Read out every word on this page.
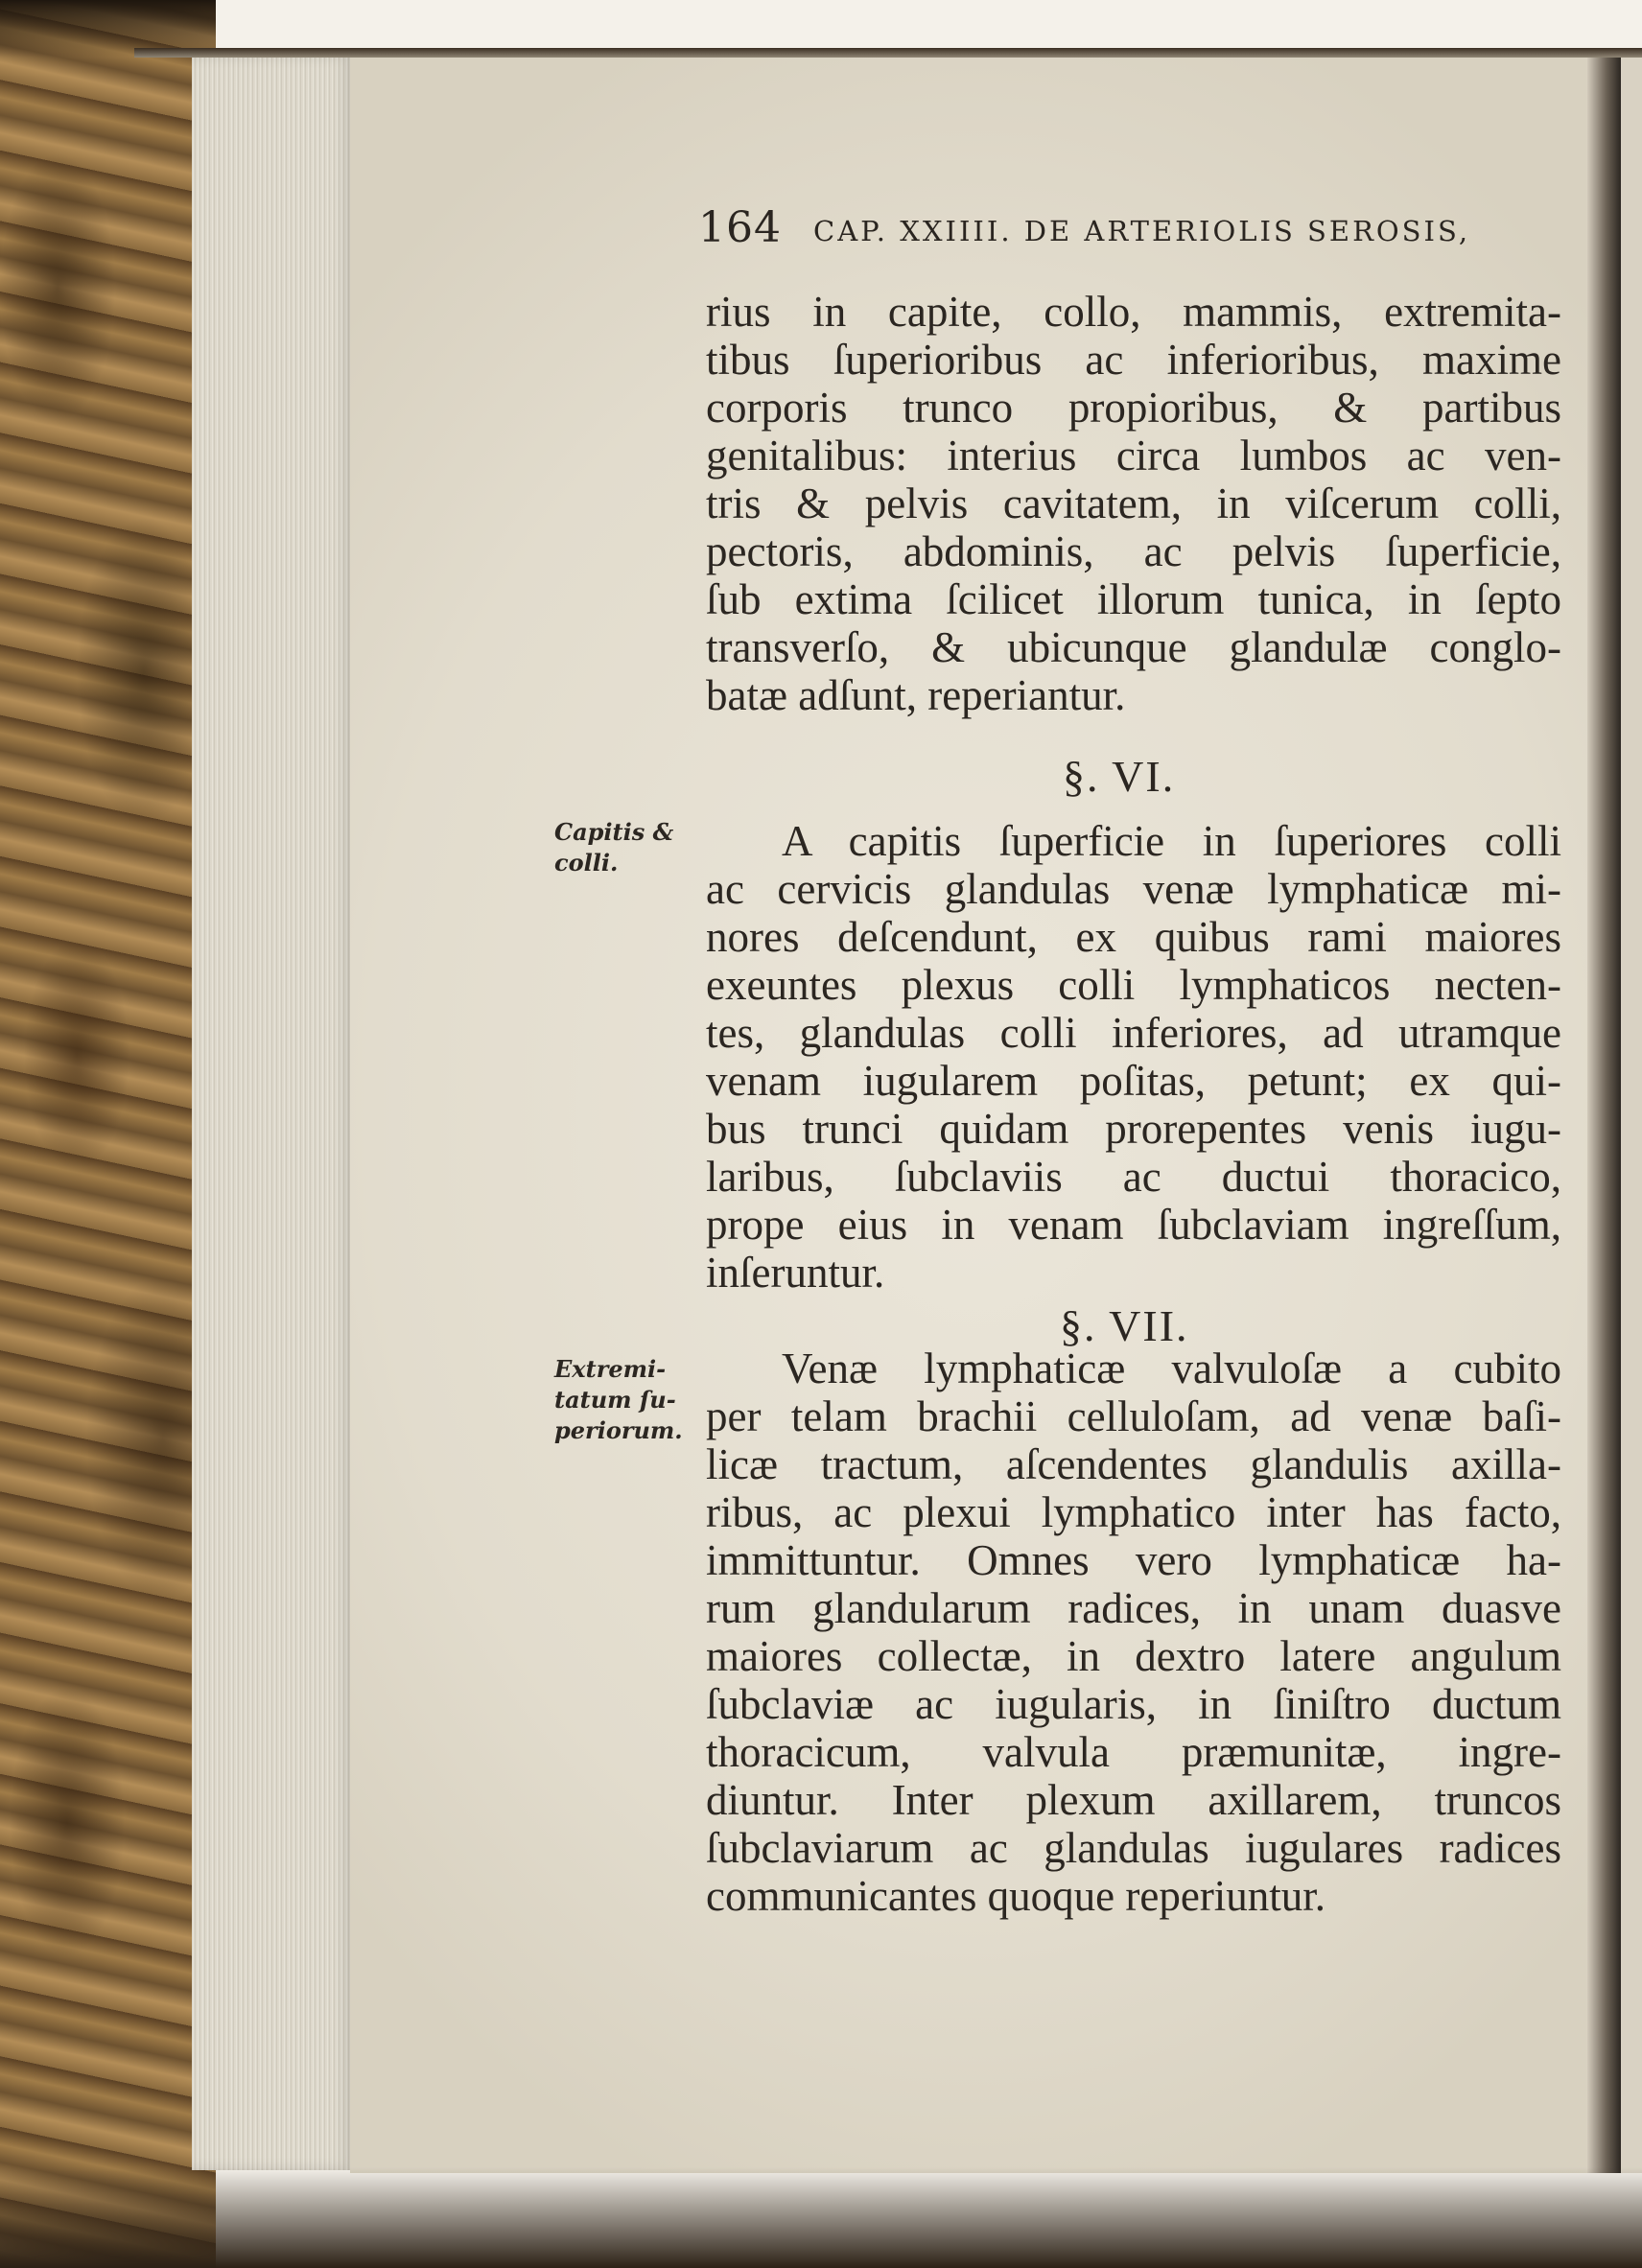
164 CAP. XXIIII. DE ARTERIOLIS SEROSIS,
rius in capite, collo, mammis, extremita-
tibus ſuperioribus ac inferioribus, maxime
corporis trunco propioribus, & partibus
genitalibus: interius circa lumbos ac ven-
tris & pelvis cavitatem, in viſcerum colli,
pectoris, abdominis, ac pelvis ſuperficie,
ſub extima ſcilicet illorum tunica, in ſepto
transverſo, & ubicunque glandulæ conglo-
batæ adſunt, reperiantur.
§. VI.
Capitis &
colli.	A capitis ſuperficie in ſuperiores colli
ac cervicis glandulas venæ lymphaticæ mi-
nores deſcendunt, ex quibus rami maiores
exeuntes plexus colli lymphaticos necten-
tes, glandulas colli inferiores, ad utramque
venam iugularem poſitas, petunt; ex qui-
bus trunci quidam prorepentes venis iugu-
laribus, ſubclaviis ac ductui thoracico,
prope eius in venam ſubclaviam ingreſſum,
inſeruntur.
§. VII.
Extremi-
tatum ſu-
periorum.
Venæ lymphaticæ valvuloſæ a cubito
per telam brachii celluloſam, ad venæ baſi-
licæ tractum, aſcendentes glandulis axilla-
ribus, ac plexui lymphatico inter has facto,
immittuntur. Omnes vero lymphaticæ ha-
rum glandularum radices, in unam duasve
maiores collectæ, in dextro latere angulum
ſubclaviæ ac iugularis, in ſiniſtro ductum
thoracicum, valvula præmunitæ, ingre-
diuntur. Inter plexum axillarem, truncos
ſubclaviarum ac glandulas iugulares radices
communicantes quoque reperiuntur.
